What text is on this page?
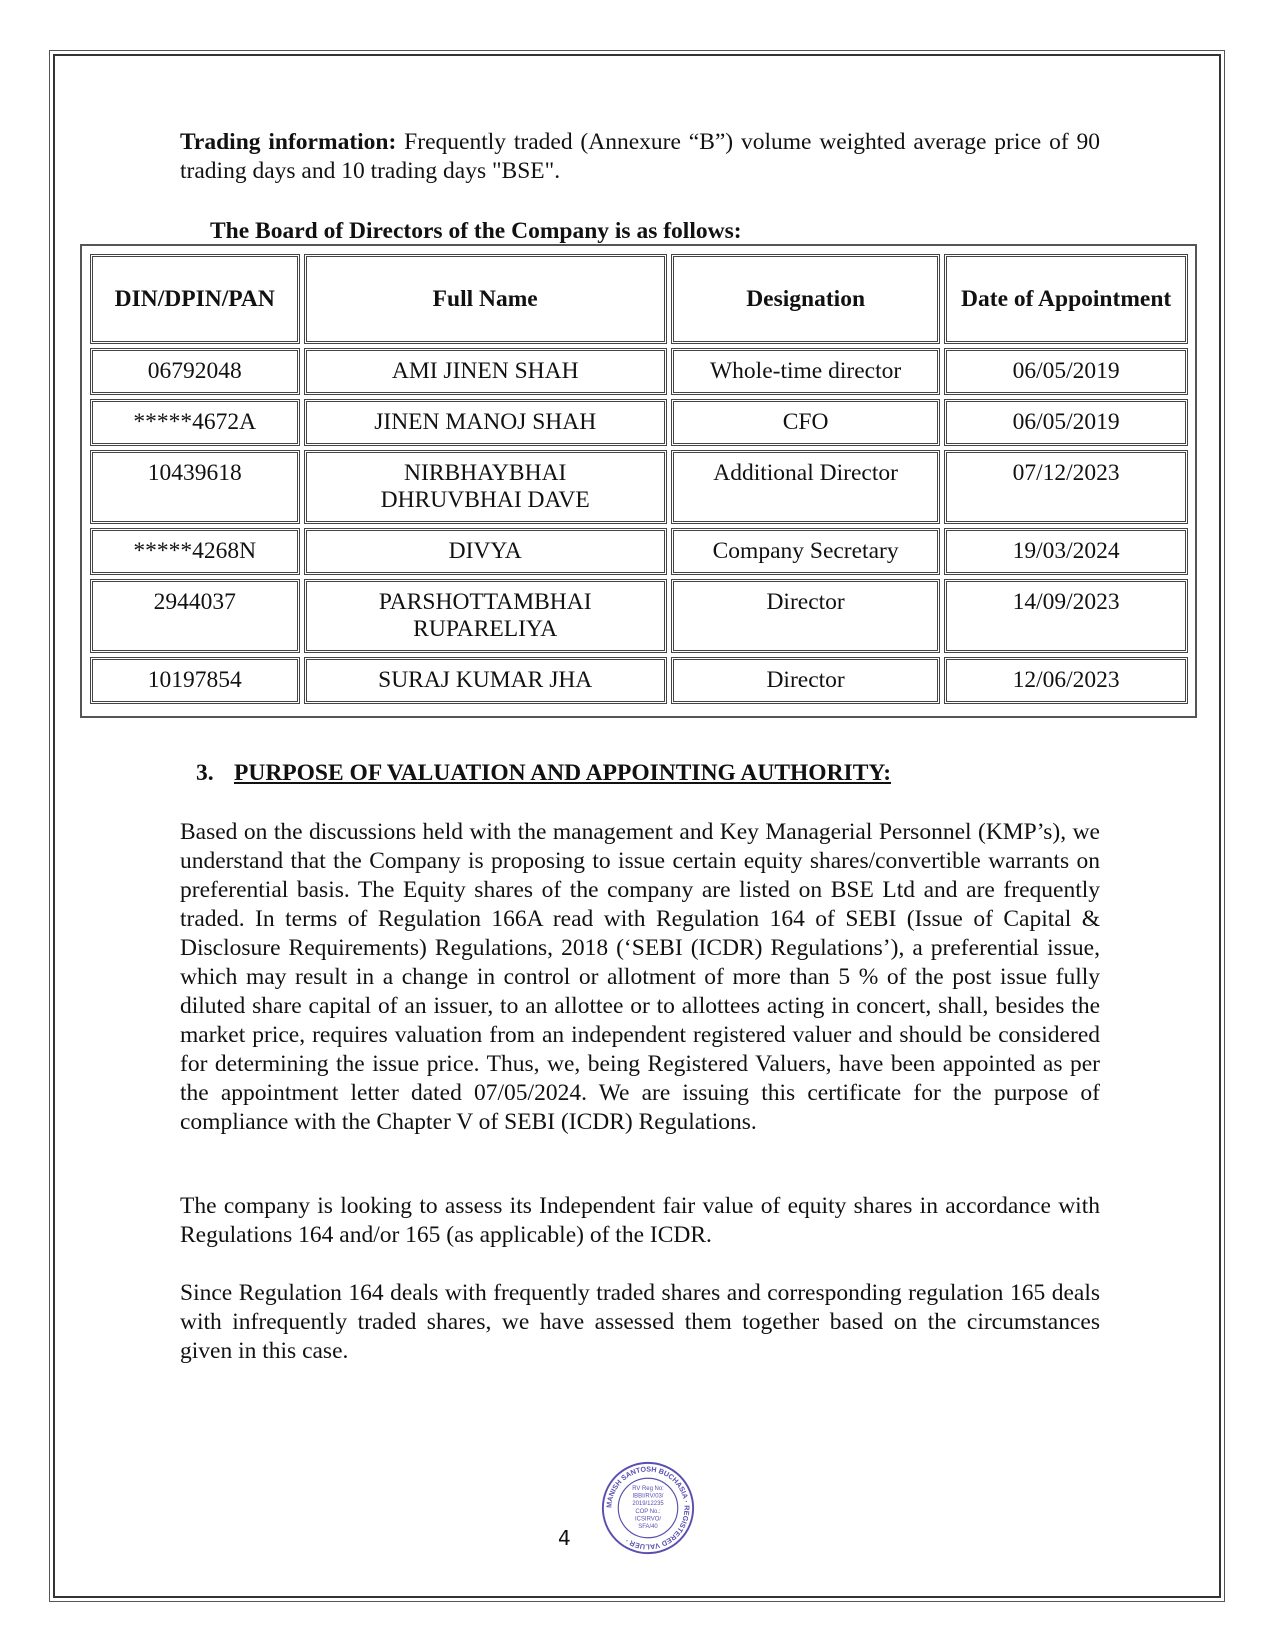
Trading information: Frequently traded (Annexure “B”) volume weighted average price of 90 trading days and 10 trading days "BSE".

The Board of Directors of the Company is as follows:
DIN/DPIN/PAN	Full Name	Designation	Date of Appointment
06792048	AMI JINEN SHAH	Whole-time director	06/05/2019
*****4672A	JINEN MANOJ SHAH	CFO	06/05/2019
10439618	NIRBHAYBHAI DHRUVBHAI DAVE	Additional Director	07/12/2023
*****4268N	DIVYA	Company Secretary	19/03/2024
2944037	PARSHOTTAMBHAI RUPARELIYA	Director	14/09/2023
10197854	SURAJ KUMAR JHA	Director	12/06/2023
3. PURPOSE OF VALUATION AND APPOINTING AUTHORITY:

Based on the discussions held with the management and Key Managerial Personnel (KMP’s), we understand that the Company is proposing to issue certain equity shares/convertible warrants on preferential basis. The Equity shares of the company are listed on BSE Ltd and are frequently traded. In terms of Regulation 166A read with Regulation 164 of SEBI (Issue of Capital & Disclosure Requirements) Regulations, 2018 (‘SEBI (ICDR) Regulations’), a preferential issue, which may result in a change in control or allotment of more than 5 % of the post issue fully diluted share capital of an issuer, to an allottee or to allottees acting in concert, shall, besides the market price, requires valuation from an independent registered valuer and should be considered for determining the issue price. Thus, we, being Registered Valuers, have been appointed as per the appointment letter dated 07/05/2024. We are issuing this certificate for the purpose of compliance with the Chapter V of SEBI (ICDR) Regulations.

The company is looking to assess its Independent fair value of equity shares in accordance with Regulations 164 and/or 165 (as applicable) of the ICDR.

Since Regulation 164 deals with frequently traded shares and corresponding regulation 165 deals with infrequently traded shares, we have assessed them together based on the circumstances given in this case.

MANISH SANTOSH BUCHASIA · REGISTERED VALUER ·
RV Reg No:
IBBI/RV/03/
2019/12235
COP No.:
ICSIRVO/
SFA/40
4
